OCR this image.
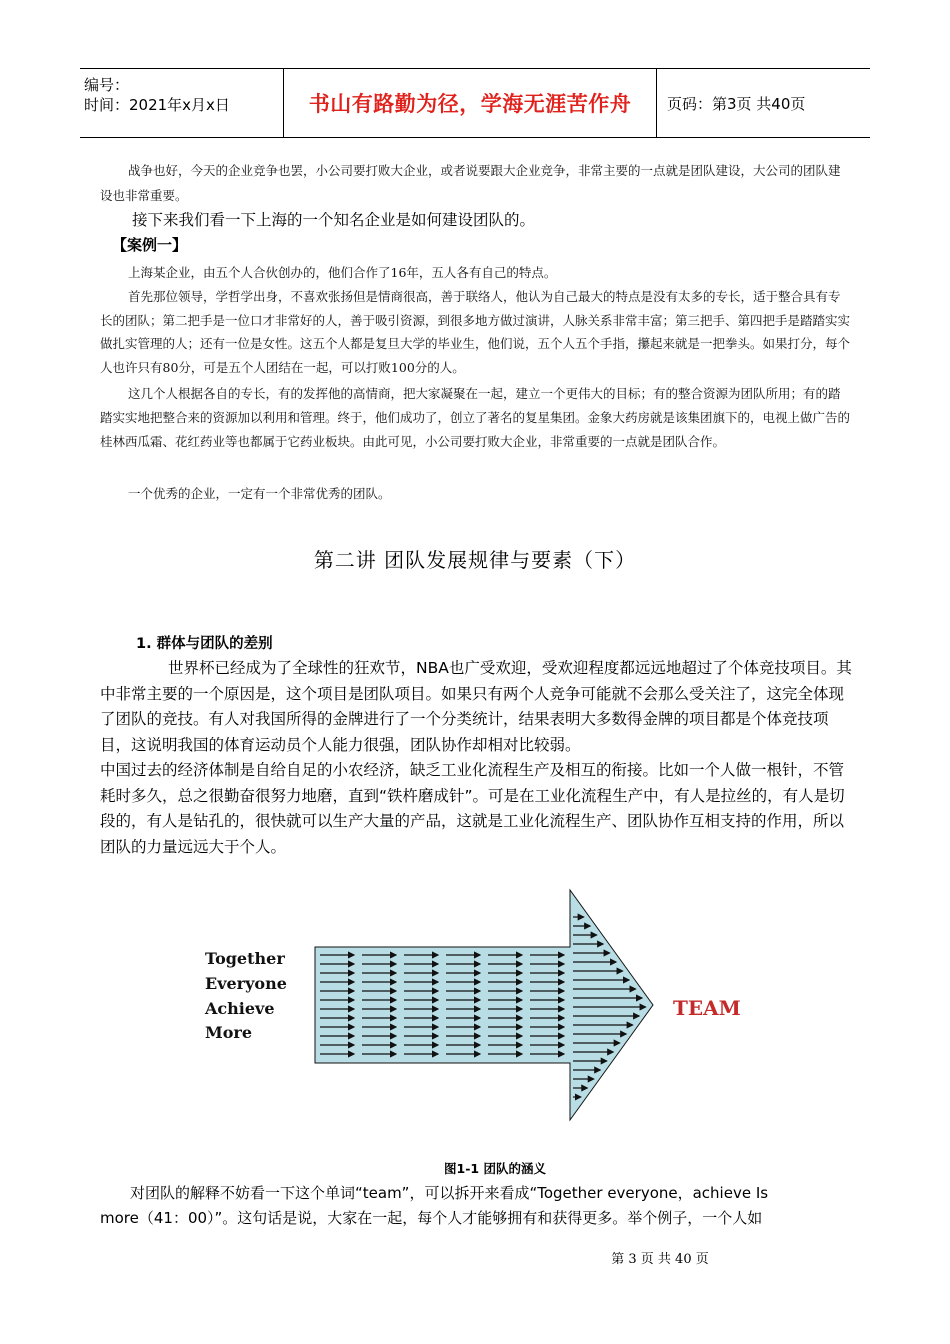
编号：
时间：2021年x月x日	书山有路勤为径，学海无涯苦作舟	页码：第3页 共40页
战争也好，今天的企业竞争也罢，小公司要打败大企业，或者说要跟大企业竞争，非常主要的一点就是团队建设，大公司的团队建设也非常重要。
接下来我们看一下上海的一个知名企业是如何建设团队的。
【案例一】
上海某企业，由五个人合伙创办的，他们合作了16年，五人各有自己的特点。
首先那位领导，学哲学出身，不喜欢张扬但是情商很高，善于联络人，他认为自己最大的特点是没有太多的专长，适于整合具有专长的团队；第二把手是一位口才非常好的人，善于吸引资源，到很多地方做过演讲，人脉关系非常丰富；第三把手、第四把手是踏踏实实做扎实管理的人；还有一位是女性。这五个人都是复旦大学的毕业生，他们说，五个人五个手指，攥起来就是一把拳头。如果打分，每个人也许只有80分，可是五个人团结在一起，可以打败100分的人。
这几个人根据各自的专长，有的发挥他的高情商，把大家凝聚在一起，建立一个更伟大的目标；有的整合资源为团队所用；有的踏踏实实地把整合来的资源加以利用和管理。终于，他们成功了，创立了著名的复星集团。金象大药房就是该集团旗下的，电视上做广告的桂林西瓜霜、花红药业等也都属于它药业板块。由此可见，小公司要打败大企业，非常重要的一点就是团队合作。
一个优秀的企业，一定有一个非常优秀的团队。
第二讲 团队发展规律与要素（下）
1. 群体与团队的差别
世界杯已经成为了全球性的狂欢节，NBA也广受欢迎，受欢迎程度都远远地超过了个体竞技项目。其中非常主要的一个原因是，这个项目是团队项目。如果只有两个人竞争可能就不会那么受关注了，这完全体现了团队的竞技。有人对我国所得的金牌进行了一个分类统计，结果表明大多数得金牌的项目都是个体竞技项目，这说明我国的体育运动员个人能力很强，团队协作却相对比较弱。
中国过去的经济体制是自给自足的小农经济，缺乏工业化流程生产及相互的衔接。比如一个人做一根针，不管耗时多久，总之很勤奋很努力地磨，直到“铁杵磨成针”。可是在工业化流程生产中，有人是拉丝的，有人是切段的，有人是钻孔的，很快就可以生产大量的产品，这就是工业化流程生产、团队协作互相支持的作用，所以团队的力量远远大于个人。
Together
Everyone
Achieve
More
TEAM
图1-1 团队的涵义
对团队的解释不妨看一下这个单词“team”，可以拆开来看成“Together everyone，achieve Is
more（41：00）”。这句话是说，大家在一起，每个人才能够拥有和获得更多。举个例子，一个人如
第 3 页 共 40 页
